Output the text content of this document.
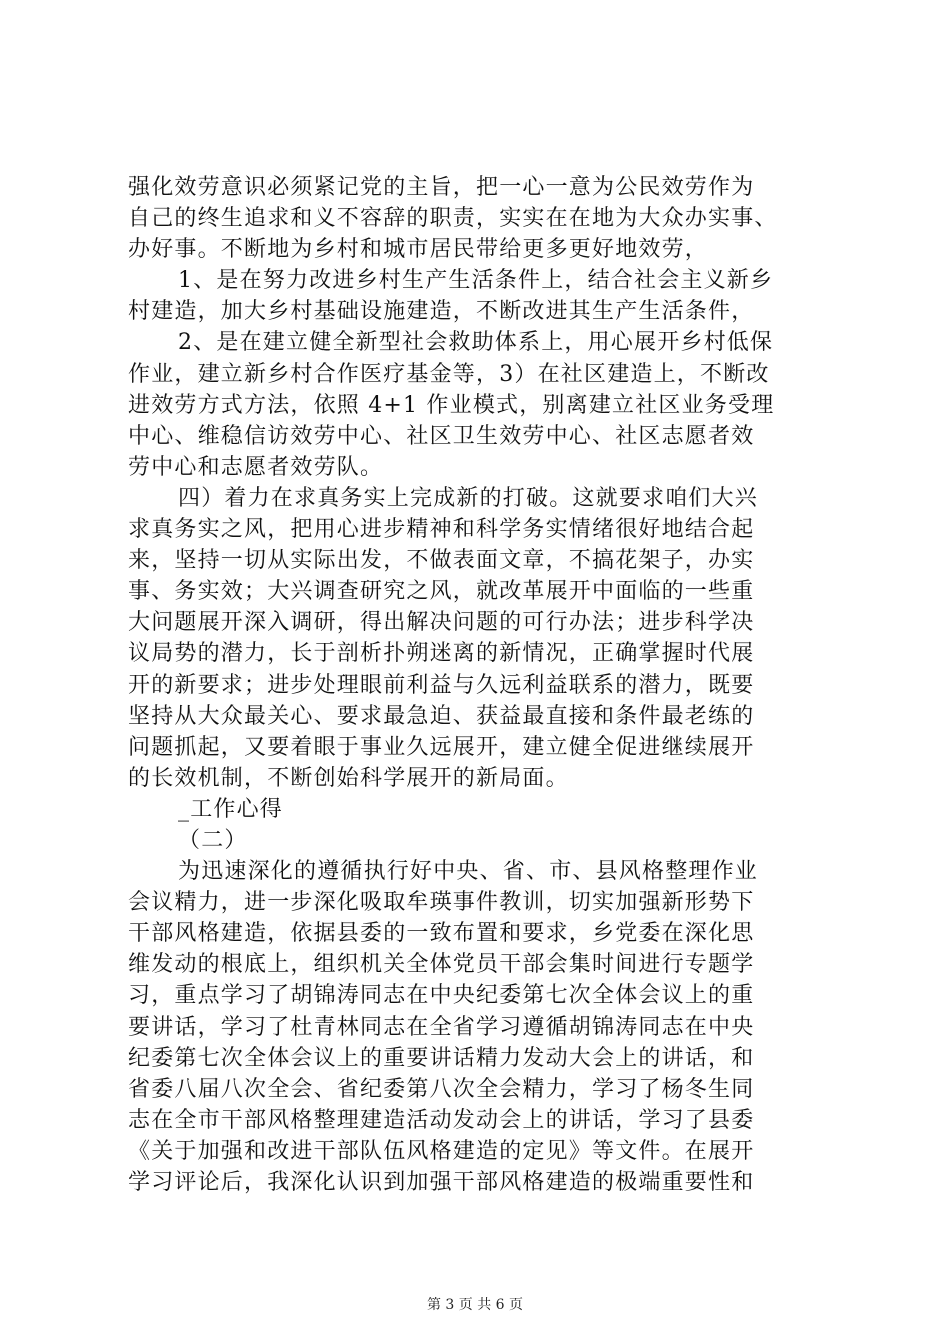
强化效劳意识必须紧记党的主旨，把一心一意为公民效劳作为
自己的终生追求和义不容辞的职责，实实在在地为大众办实事、
办好事。不断地为乡村和城市居民带给更多更好地效劳，
1、是在努力改进乡村生产生活条件上，结合社会主义新乡
村建造，加大乡村基础设施建造，不断改进其生产生活条件，
2、是在建立健全新型社会救助体系上，用心展开乡村低保
作业，建立新乡村合作医疗基金等，3）在社区建造上，不断改
进效劳方式方法，依照 4+1 作业模式，别离建立社区业务受理
中心、维稳信访效劳中心、社区卫生效劳中心、社区志愿者效
劳中心和志愿者效劳队。
四）着力在求真务实上完成新的打破。这就要求咱们大兴
求真务实之风，把用心进步精神和科学务实情绪很好地结合起
来，坚持一切从实际出发，不做表面文章，不搞花架子，办实
事、务实效；大兴调查研究之风，就改革展开中面临的一些重
大问题展开深入调研，得出解决问题的可行办法；进步科学决
议局势的潜力，长于剖析扑朔迷离的新情况，正确掌握时代展
开的新要求；进步处理眼前利益与久远利益联系的潜力，既要
坚持从大众最关心、要求最急迫、获益最直接和条件最老练的
问题抓起，又要着眼于事业久远展开，建立健全促进继续展开
的长效机制，不断创始科学展开的新局面。
_工作心得
（二）
为迅速深化的遵循执行好中央、省、市、县风格整理作业
会议精力，进一步深化吸取牟瑛事件教训，切实加强新形势下
干部风格建造，依据县委的一致布置和要求，乡党委在深化思
维发动的根底上，组织机关全体党员干部会集时间进行专题学
习，重点学习了胡锦涛同志在中央纪委第七次全体会议上的重
要讲话，学习了杜青林同志在全省学习遵循胡锦涛同志在中央
纪委第七次全体会议上的重要讲话精力发动大会上的讲话，和
省委八届八次全会、省纪委第八次全会精力，学习了杨冬生同
志在全市干部风格整理建造活动发动会上的讲话，学习了县委
《关于加强和改进干部队伍风格建造的定见》等文件。在展开
学习评论后，我深化认识到加强干部风格建造的极端重要性和
第 3 页 共 6 页
